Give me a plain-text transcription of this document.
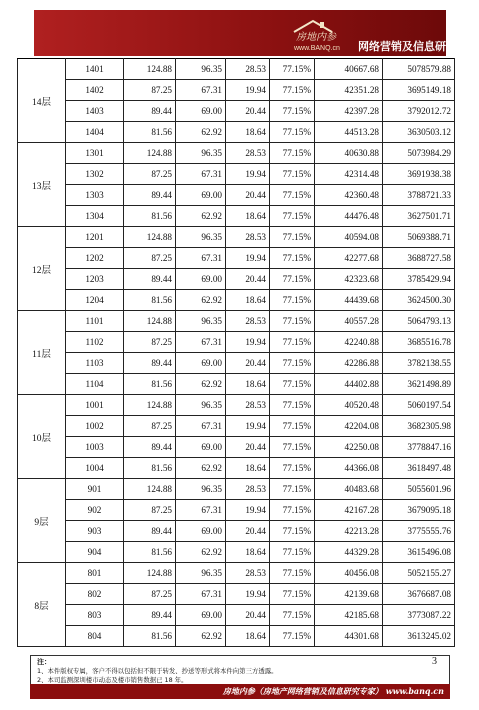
房地内参
www.BANQ.cn 网络营销及信息研究专家
14层	1401	124.88	96.35	28.53	77.15%	40667.68	5078579.88
	1402	87.25	67.31	19.94	77.15%	42351.28	3695149.18
	1403	89.44	69.00	20.44	77.15%	42397.28	3792012.72
	1404	81.56	62.92	18.64	77.15%	44513.28	3630503.12
13层	1301	124.88	96.35	28.53	77.15%	40630.88	5073984.29
	1302	87.25	67.31	19.94	77.15%	42314.48	3691938.38
	1303	89.44	69.00	20.44	77.15%	42360.48	3788721.33
	1304	81.56	62.92	18.64	77.15%	44476.48	3627501.71
12层	1201	124.88	96.35	28.53	77.15%	40594.08	5069388.71
	1202	87.25	67.31	19.94	77.15%	42277.68	3688727.58
	1203	89.44	69.00	20.44	77.15%	42323.68	3785429.94
	1204	81.56	62.92	18.64	77.15%	44439.68	3624500.30
11层	1101	124.88	96.35	28.53	77.15%	40557.28	5064793.13
	1102	87.25	67.31	19.94	77.15%	42240.88	3685516.78
	1103	89.44	69.00	20.44	77.15%	42286.88	3782138.55
	1104	81.56	62.92	18.64	77.15%	44402.88	3621498.89
10层	1001	124.88	96.35	28.53	77.15%	40520.48	5060197.54
	1002	87.25	67.31	19.94	77.15%	42204.08	3682305.98
	1003	89.44	69.00	20.44	77.15%	42250.08	3778847.16
	1004	81.56	62.92	18.64	77.15%	44366.08	3618497.48
9层	901	124.88	96.35	28.53	77.15%	40483.68	5055601.96
	902	87.25	67.31	19.94	77.15%	42167.28	3679095.18
	903	89.44	69.00	20.44	77.15%	42213.28	3775555.76
	904	81.56	62.92	18.64	77.15%	44329.28	3615496.08
8层	801	124.88	96.35	28.53	77.15%	40456.08	5052155.27
	802	87.25	67.31	19.94	77.15%	42139.68	3676687.08
	803	89.44	69.00	20.44	77.15%	42185.68	3773087.22
	804	81.56	62.92	18.64	77.15%	44301.68	3613245.02
注：
1、本件版权专属，客户不得以包括但不限于转发、抄送等形式将本件向第三方透露。
2、本司监测深圳楼市动态及楼市销售数据已 18 年。
3
房地内参（房地产网络营销及信息研究专家） www.banq.cn
